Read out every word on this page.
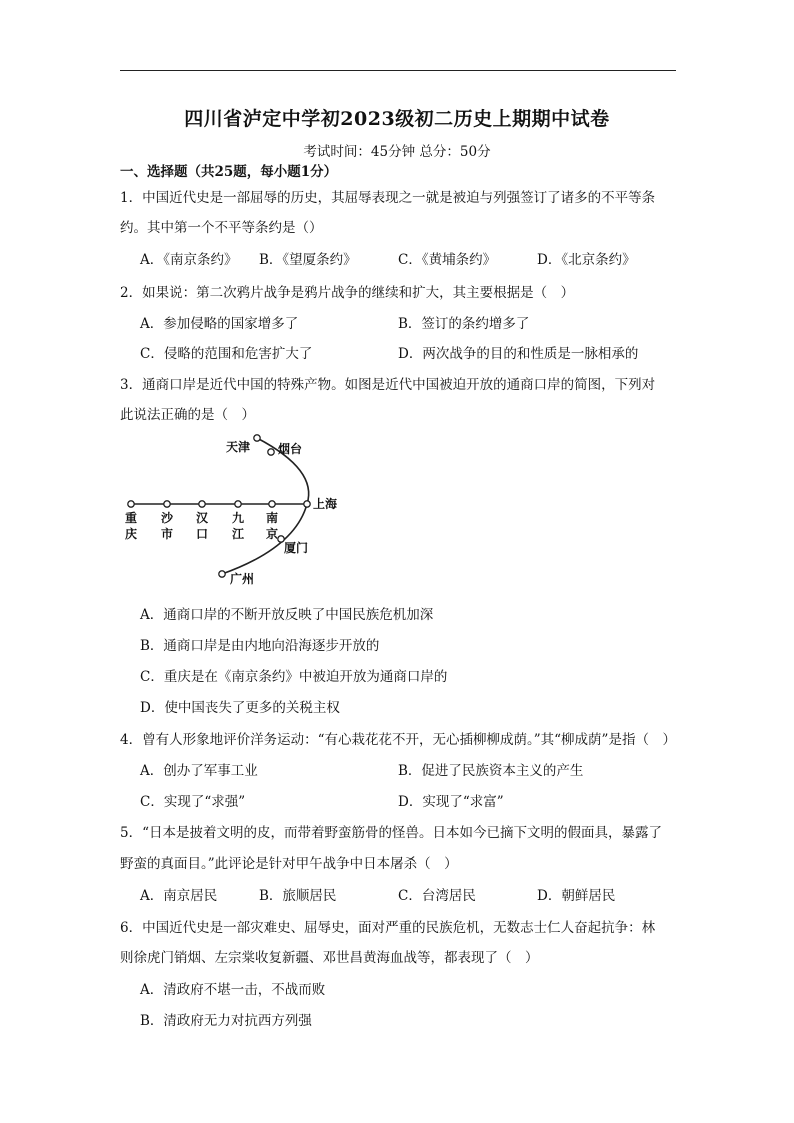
四川省泸定中学初2023级初二历史上期期中试卷
考试时间：45分钟 总分：50分
一、选择题（共25题，每小题1分）
1．中国近代史是一部屈辱的历史，其屈辱表现之一就是被迫与列强签订了诸多的不平等条
约。其中第一个不平等条约是（）
A．《南京条约》 B．《望厦条约》	C．《黄埔条约》	D．《北京条约》
2．如果说：第二次鸦片战争是鸦片战争的继续和扩大，其主要根据是（　）
A．参加侵略的国家增多了	B．签订的条约增多了
C．侵略的范围和危害扩大了	D．两次战争的目的和性质是一脉相承的
3．通商口岸是近代中国的特殊产物。如图是近代中国被迫开放的通商口岸的简图，下列对
此说法正确的是（　）
天津 烟台
上海
厦门
广州
重
庆
沙
市
汉
口
九
江
南
京
A．通商口岸的不断开放反映了中国民族危机加深
B．通商口岸是由内地向沿海逐步开放的
C．重庆是在《南京条约》中被迫开放为通商口岸的
D．使中国丧失了更多的关税主权
4．曾有人形象地评价洋务运动：“有心栽花花不开，无心插柳柳成荫。”其“柳成荫”是指（　）
A．创办了军事工业	B．促进了民族资本主义的产生
C．实现了“求强”	D．实现了“求富”
5．“日本是披着文明的皮，而带着野蛮筋骨的怪兽。日本如今已摘下文明的假面具，暴露了
野蛮的真面目。”此评论是针对甲午战争中日本屠杀（　）
A．南京居民	B．旅顺居民	C．台湾居民	D．朝鲜居民
6．中国近代史是一部灾难史、屈辱史，面对严重的民族危机，无数志士仁人奋起抗争：林
则徐虎门销烟、左宗棠收复新疆、邓世昌黄海血战等，都表现了（　）
A．清政府不堪一击，不战而败
B．清政府无力对抗西方列强
